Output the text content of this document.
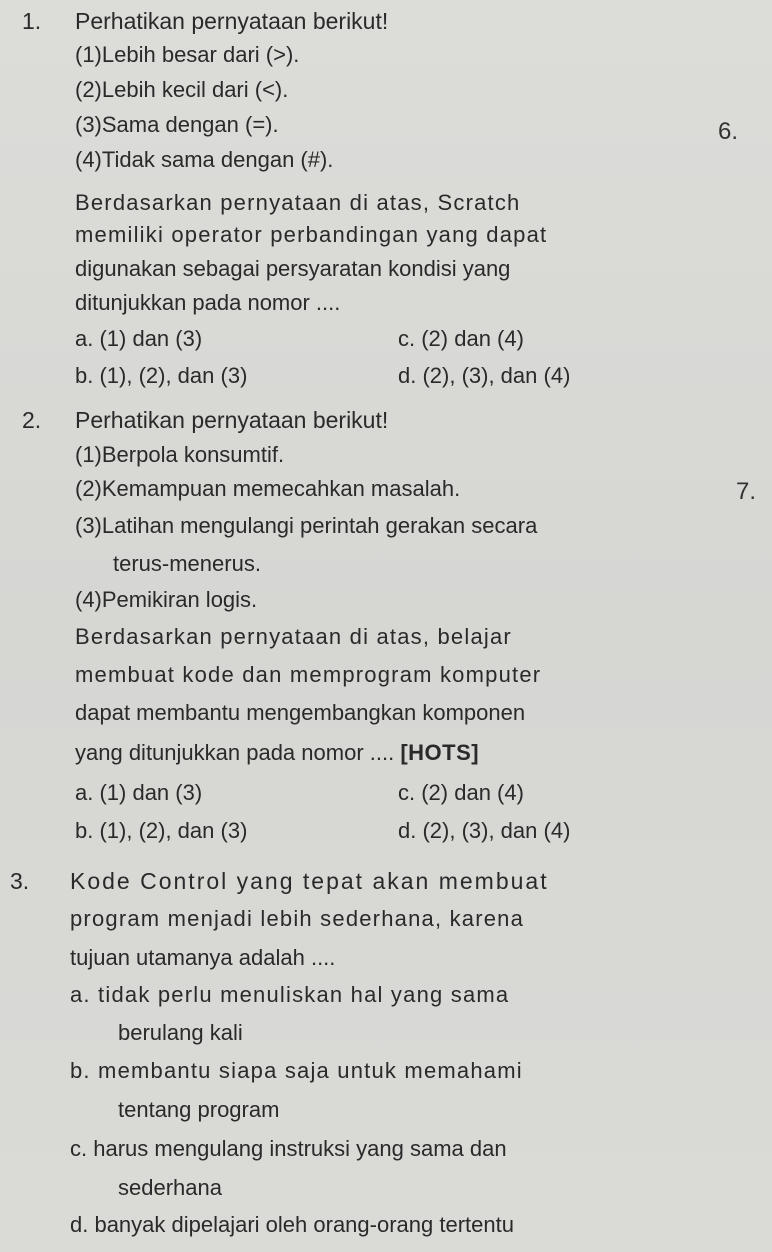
1. Perhatikan pernyataan berikut!
(1)Lebih besar dari (>).
(2)Lebih kecil dari (<).
(3)Sama dengan (=).
(4)Tidak sama dengan (#).
6.
Berdasarkan pernyataan di atas, Scratch
memiliki operator perbandingan yang dapat
digunakan sebagai persyaratan kondisi yang
ditunjukkan pada nomor ....
a. (1) dan (3)	c. (2) dan (4)
b. (1), (2), dan (3)	d. (2), (3), dan (4)
2. Perhatikan pernyataan berikut!
(1)Berpola konsumtif.
(2)Kemampuan memecahkan masalah.	7.
(3)Latihan mengulangi perintah gerakan secara
terus-menerus.
(4)Pemikiran logis.
Berdasarkan pernyataan di atas, belajar
membuat kode dan memprogram komputer
dapat membantu mengembangkan komponen
yang ditunjukkan pada nomor .... [HOTS]
a. (1) dan (3)	c. (2) dan (4)
b. (1), (2), dan (3)	d. (2), (3), dan (4)
3. Kode Control yang tepat akan membuat
program menjadi lebih sederhana, karena
tujuan utamanya adalah ....
a. tidak perlu menuliskan hal yang sama
berulang kali
b. membantu siapa saja untuk memahami
tentang program
c. harus mengulang instruksi yang sama dan
sederhana
d. banyak dipelajari oleh orang-orang tertentu
